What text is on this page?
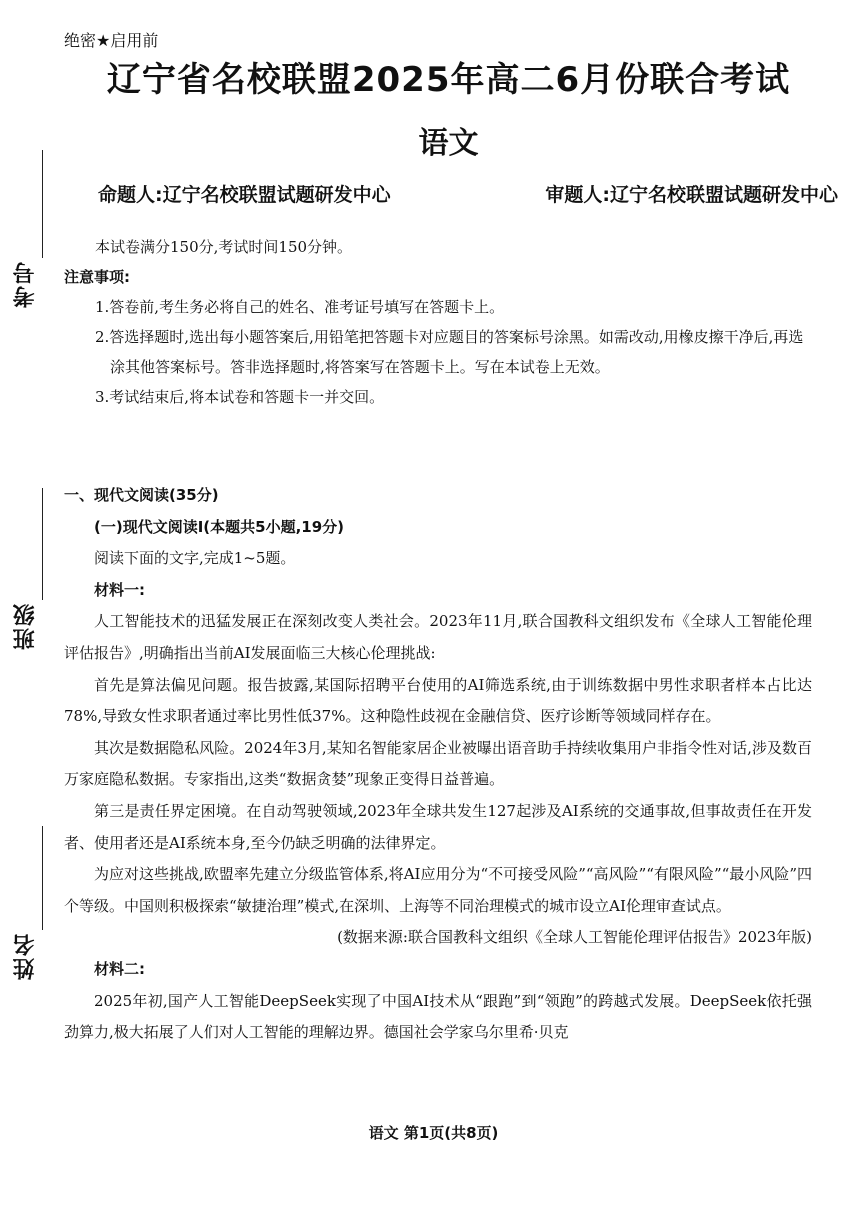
考号
班级
姓名
绝密★启用前
辽宁省名校联盟2025年高二6月份联合考试
语文
命题人:辽宁名校联盟试题研发中心	审题人:辽宁名校联盟试题研发中心

本试卷满分150分,考试时间150分钟。

注意事项:

1.答卷前,考生务必将自己的姓名、准考证号填写在答题卡上。

2.答选择题时,选出每小题答案后,用铅笔把答题卡对应题目的答案标号涂黑。如需改动,用橡皮擦干净后,再选涂其他答案标号。答非选择题时,将答案写在答题卡上。写在本试卷上无效。

3.考试结束后,将本试卷和答题卡一并交回。

一、现代文阅读(35分)

(一)现代文阅读Ⅰ(本题共5小题,19分)

阅读下面的文字,完成1~5题。

材料一:

人工智能技术的迅猛发展正在深刻改变人类社会。2023年11月,联合国教科文组织发布《全球人工智能伦理评估报告》,明确指出当前AI发展面临三大核心伦理挑战:

首先是算法偏见问题。报告披露,某国际招聘平台使用的AI筛选系统,由于训练数据中男性求职者样本占比达78%,导致女性求职者通过率比男性低37%。这种隐性歧视在金融信贷、医疗诊断等领域同样存在。

其次是数据隐私风险。2024年3月,某知名智能家居企业被曝出语音助手持续收集用户非指令性对话,涉及数百万家庭隐私数据。专家指出,这类“数据贪婪”现象正变得日益普遍。

第三是责任界定困境。在自动驾驶领域,2023年全球共发生127起涉及AI系统的交通事故,但事故责任在开发者、使用者还是AI系统本身,至今仍缺乏明确的法律界定。

为应对这些挑战,欧盟率先建立分级监管体系,将AI应用分为“不可接受风险”“高风险”“有限风险”“最小风险”四个等级。中国则积极探索“敏捷治理”模式,在深圳、上海等不同治理模式的城市设立AI伦理审查试点。

(数据来源:联合国教科文组织《全球人工智能伦理评估报告》2023年版)

材料二:

2025年初,国产人工智能DeepSeek实现了中国AI技术从“跟跑”到“领跑”的跨越式发展。DeepSeek依托强劲算力,极大拓展了人们对人工智能的理解边界。德国社会学家乌尔里希·贝克

语文 第1页(共8页)
